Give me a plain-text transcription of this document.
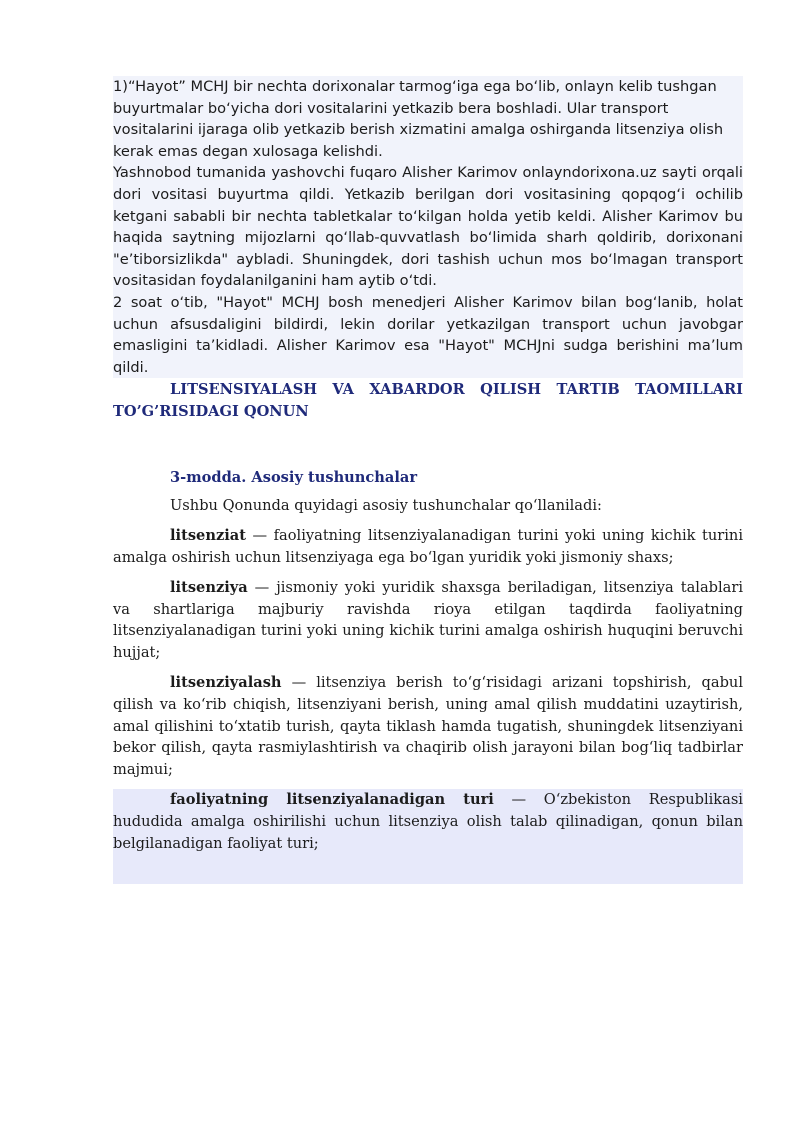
1)“Hayot” MCHJ bir nechta dorixonalar tarmog‘iga ega bo‘lib, onlayn kelib tushgan buyurtmalar bo‘yicha dori vositalarini yetkazib bera boshladi. Ular transport vositalarini ijaraga olib yetkazib berish xizmatini amalga oshirganda litsenziya olish kerak emas degan xulosaga kelishdi.

Yashnobod tumanida yashovchi fuqaro Alisher Karimov onlayndorixona.uz sayti orqali dori vositasi buyurtma qildi. Yetkazib berilgan dori vositasining qopqog‘i ochilib ketgani sababli bir nechta tabletkalar to‘kilgan holda yetib keldi. Alisher Karimov bu haqida saytning mijozlarni qo‘llab-quvvatlash bo‘limida sharh qoldirib, dorixonani "e’tiborsizlikda" aybladi. Shuningdek, dori tashish uchun mos bo‘lmagan transport vositasidan foydalanilganini ham aytib o‘tdi.

2 soat o‘tib, "Hayot" MCHJ bosh menedjeri Alisher Karimov bilan bog‘lanib, holat uchun afsusdaligini bildirdi, lekin dorilar yetkazilgan transport uchun javobgar emasligini ta’kidladi. Alisher Karimov esa "Hayot" MCHJni sudga berishini ma’lum qildi.

LITSENSIYALASH VA XABARDOR QILISH TARTIB TAOMILLARI TO’G’RISIDAGI QONUN

3-modda. Asosiy tushunchalar

Ushbu Qonunda quyidagi asosiy tushunchalar qo‘llaniladi:

litsenziat — faoliyatning litsenziyalanadigan turini yoki uning kichik turini amalga oshirish uchun litsenziyaga ega bo‘lgan yuridik yoki jismoniy shaxs;

litsenziya — jismoniy yoki yuridik shaxsga beriladigan, litsenziya talablari va shartlariga majburiy ravishda rioya etilgan taqdirda faoliyatning litsenziyalanadigan turini yoki uning kichik turini amalga oshirish huquqini beruvchi hujjat;

litsenziyalash — litsenziya berish to‘g‘risidagi arizani topshirish, qabul qilish va ko‘rib chiqish, litsenziyani berish, uning amal qilish muddatini uzaytirish, amal qilishini to‘xtatib turish, qayta tiklash hamda tugatish, shuningdek litsenziyani bekor qilish, qayta rasmiylashtirish va chaqirib olish jarayoni bilan bog‘liq tadbirlar majmui;

faoliyatning litsenziyalanadigan turi — O‘zbekiston Respublikasi hududida amalga oshirilishi uchun litsenziya olish talab qilinadigan, qonun bilan belgilanadigan faoliyat turi;
